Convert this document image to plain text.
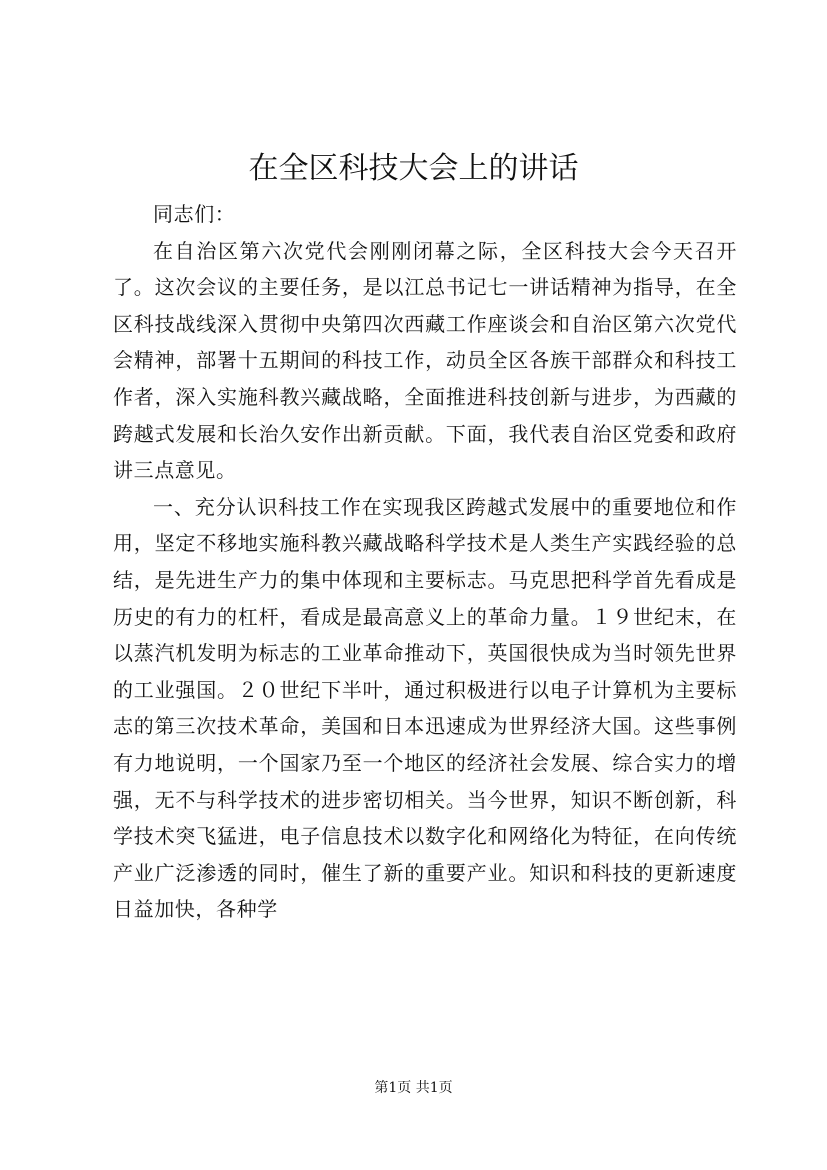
在全区科技大会上的讲话

同志们：

在自治区第六次党代会刚刚闭幕之际，全区科技大会今天召开了。这次会议的主要任务，是以江总书记七一讲话精神为指导，在全区科技战线深入贯彻中央第四次西藏工作座谈会和自治区第六次党代会精神，部署十五期间的科技工作，动员全区各族干部群众和科技工作者，深入实施科教兴藏战略，全面推进科技创新与进步，为西藏的跨越式发展和长治久安作出新贡献。下面，我代表自治区党委和政府讲三点意见。

一、充分认识科技工作在实现我区跨越式发展中的重要地位和作用，坚定不移地实施科教兴藏战略科学技术是人类生产实践经验的总结，是先进生产力的集中体现和主要标志。马克思把科学首先看成是历史的有力的杠杆，看成是最高意义上的革命力量。１９世纪末，在以蒸汽机发明为标志的工业革命推动下，英国很快成为当时领先世界的工业强国。２０世纪下半叶，通过积极进行以电子计算机为主要标志的第三次技术革命，美国和日本迅速成为世界经济大国。这些事例有力地说明，一个国家乃至一个地区的经济社会发展、综合实力的增强，无不与科学技术的进步密切相关。当今世界，知识不断创新，科学技术突飞猛进，电子信息技术以数字化和网络化为特征，在向传统产业广泛渗透的同时，催生了新的重要产业。知识和科技的更新速度日益加快，各种学

第1页 共1页
